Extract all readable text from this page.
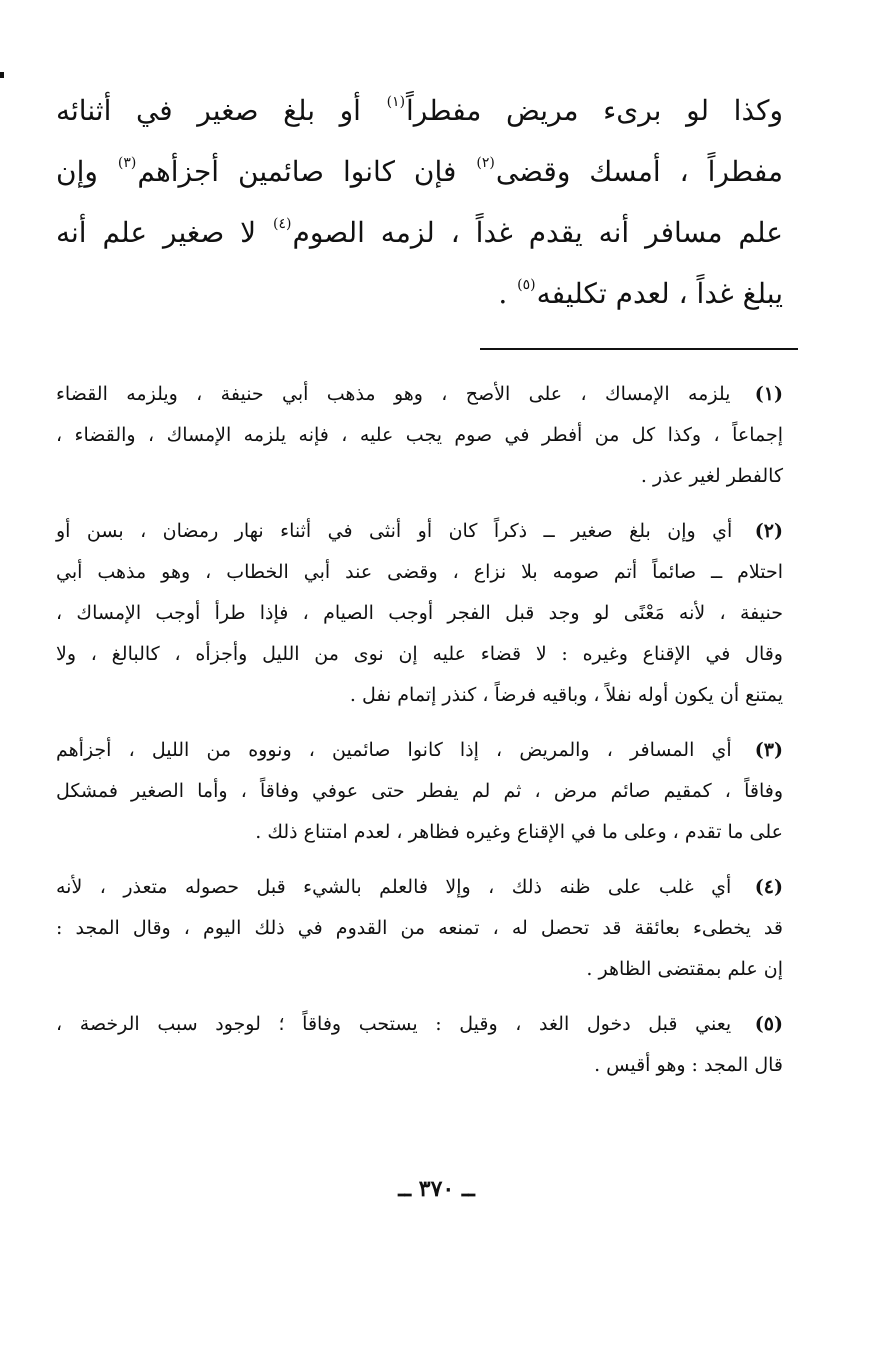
وكذا لو برىء مريض مفطراً$^{(١)}$ أو بلغ صغير في أثنائه
مفطراً ، أمسك وقضى$^{(٢)}$ فإن كانوا صائمين أجزأهم$^{(٣)}$ وإن
علم مسافر أنه يقدم غداً ، لزمه الصوم$^{(٤)}$ لا صغير علم أنه
يبلغ غداً ، لعدم تكليفه$^{(٥)}$ .

(١) يلزمه الإمساك ، على الأصح ، وهو مذهب أبي حنيفة ، ويلزمه القضاء
إجماعاً ، وكذا كل من أفطر في صوم يجب عليه ، فإنه يلزمه الإمساك ، والقضاء ،
كالفطر لغير عذر .
(٢) أي وإن بلغ صغير ــ ذكراً كان أو أنثى في أثناء نهار رمضان ، بسن أو
احتلام ــ صائماً أتم صومه بلا نزاع ، وقضى عند أبي الخطاب ، وهو مذهب أبي
حنيفة ، لأنه مَعْنًى لو وجد قبل الفجر أوجب الصيام ، فإذا طرأ أوجب الإمساك ،
وقال في الإقناع وغيره : لا قضاء عليه إن نوى من الليل وأجزأه ، كالبالغ ، ولا
يمتنع أن يكون أوله نفلاً ، وباقيه فرضاً ، كنذر إتمام نفل .
(٣) أي المسافر ، والمريض ، إذا كانوا صائمين ، ونووه من الليل ، أجزأهم
وفاقاً ، كمقيم صائم مرض ، ثم لم يفطر حتى عوفي وفاقاً ، وأما الصغير فمشكل
على ما تقدم ، وعلى ما في الإقناع وغيره فظاهر ، لعدم امتناع ذلك .
(٤) أي غلب على ظنه ذلك ، وإلا فالعلم بالشيء قبل حصوله متعذر ، لأنه
قد يخطىء بعائقة قد تحصل له ، تمنعه من القدوم في ذلك اليوم ، وقال المجد :
إن علم بمقتضى الظاهر .
(٥) يعني قبل دخول الغد ، وقيل : يستحب وفاقاً ؛ لوجود سبب الرخصة ،
قال المجد : وهو أقيس .
ــ ٣٧٠ ــ
